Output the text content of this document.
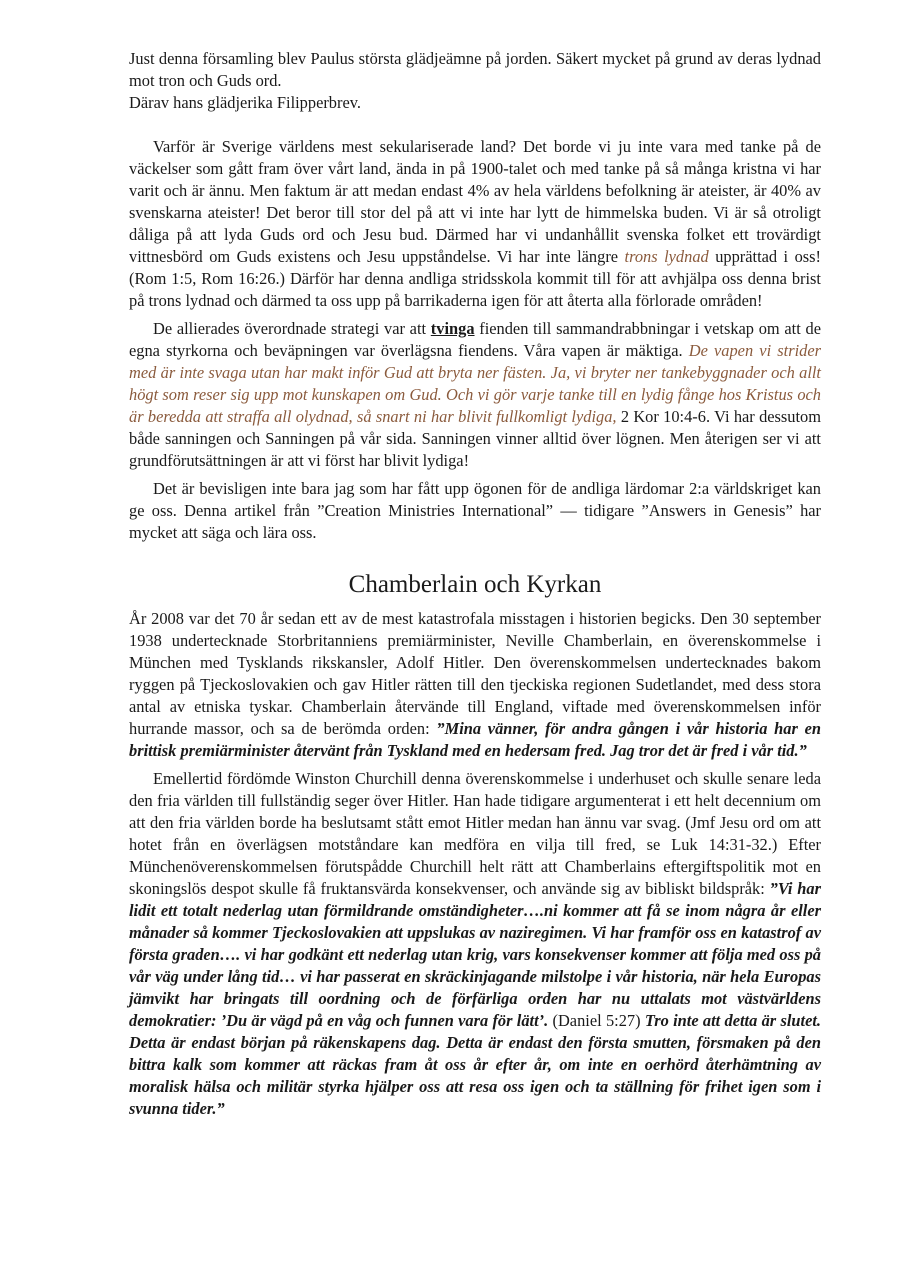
Just denna församling blev Paulus största glädjeämne på jorden. Säkert mycket på grund av deras lydnad mot tron och Guds ord.
Därav hans glädjerika Filipperbrev.

Varför är Sverige världens mest sekulariserade land? Det borde vi ju inte vara med tanke på de väckelser som gått fram över vårt land, ända in på 1900-talet och med tanke på så många kristna vi har varit och är ännu. Men faktum är att medan endast 4% av hela världens befolkning är ateister, är 40% av svenskarna ateister! Det beror till stor del på att vi inte har lytt de himmelska buden. Vi är så otroligt dåliga på att lyda Guds ord och Jesu bud. Därmed har vi undanhållit svenska folket ett trovärdigt vittnesbörd om Guds existens och Jesu uppståndelse. Vi har inte längre trons lydnad upprättad i oss! (Rom 1:5, Rom 16:26.) Därför har denna andliga stridsskola kommit till för att avhjälpa oss denna brist på trons lydnad och därmed ta oss upp på barrikaderna igen för att återta alla förlorade områden!

De allierades överordnade strategi var att tvinga fienden till sammandrabbningar i vetskap om att de egna styrkorna och beväpningen var överlägsna fiendens. Våra vapen är mäktiga. De vapen vi strider med är inte svaga utan har makt inför Gud att bryta ner fästen. Ja, vi bryter ner tankebyggnader och allt högt som reser sig upp mot kunskapen om Gud. Och vi gör varje tanke till en lydig fånge hos Kristus och är beredda att straffa all olydnad, så snart ni har blivit fullkomligt lydiga, 2 Kor 10:4-6. Vi har dessutom både sanningen och Sanningen på vår sida. Sanningen vinner alltid över lögnen. Men återigen ser vi att grundförutsättningen är att vi först har blivit lydiga!

Det är bevisligen inte bara jag som har fått upp ögonen för de andliga lärdomar 2:a världskriget kan ge oss. Denna artikel från ”Creation Ministries International” — tidigare ”Answers in Genesis” har mycket att säga och lära oss.

Chamberlain och Kyrkan

År 2008 var det 70 år sedan ett av de mest katastrofala misstagen i historien begicks. Den 30 september 1938 undertecknade Storbritanniens premiärminister, Neville Chamberlain, en överenskommelse i München med Tysklands rikskansler, Adolf Hitler. Den överenskommelsen undertecknades bakom ryggen på Tjeckoslovakien och gav Hitler rätten till den tjeckiska regionen Sudetlandet, med dess stora antal av etniska tyskar. Chamberlain återvände till England, viftade med överenskommelsen inför hurrande massor, och sa de berömda orden: ”Mina vänner, för andra gången i vår historia har en brittisk premiärminister återvänt från Tyskland med en hedersam fred. Jag tror det är fred i vår tid.”

Emellertid fördömde Winston Churchill denna överenskommelse i underhuset och skulle senare leda den fria världen till fullständig seger över Hitler. Han hade tidigare argumenterat i ett helt decennium om att den fria världen borde ha beslutsamt stått emot Hitler medan han ännu var svag. (Jmf Jesu ord om att hotet från en överlägsen motståndare kan medföra en vilja till fred, se Luk 14:31-32.) Efter Münchenöverenskommelsen förutspådde Churchill helt rätt att Chamberlains eftergiftspolitik mot en skoningslös despot skulle få fruktansvärda konsekvenser, och använde sig av bibliskt bildspråk: ”Vi har lidit ett totalt nederlag utan förmildrande omständigheter….ni kommer att få se inom några år eller månader så kommer Tjeckoslovakien att uppslukas av naziregimen. Vi har framför oss en katastrof av första graden…. vi har godkänt ett nederlag utan krig, vars konsekvenser kommer att följa med oss på vår väg under lång tid… vi har passerat en skräckinjagande milstolpe i vår historia, när hela Europas jämvikt har bringats till oordning och de förfärliga orden har nu uttalats mot västvärldens demokratier: ’Du är vägd på en våg och funnen vara för lätt’. (Daniel 5:27) Tro inte att detta är slutet. Detta är endast början på räkenskapens dag. Detta är endast den första smutten, försmaken på den bittra kalk som kommer att räckas fram åt oss år efter år, om inte en oerhörd återhämtning av moralisk hälsa och militär styrka hjälper oss att resa oss igen och ta ställning för frihet igen som i svunna tider.”
